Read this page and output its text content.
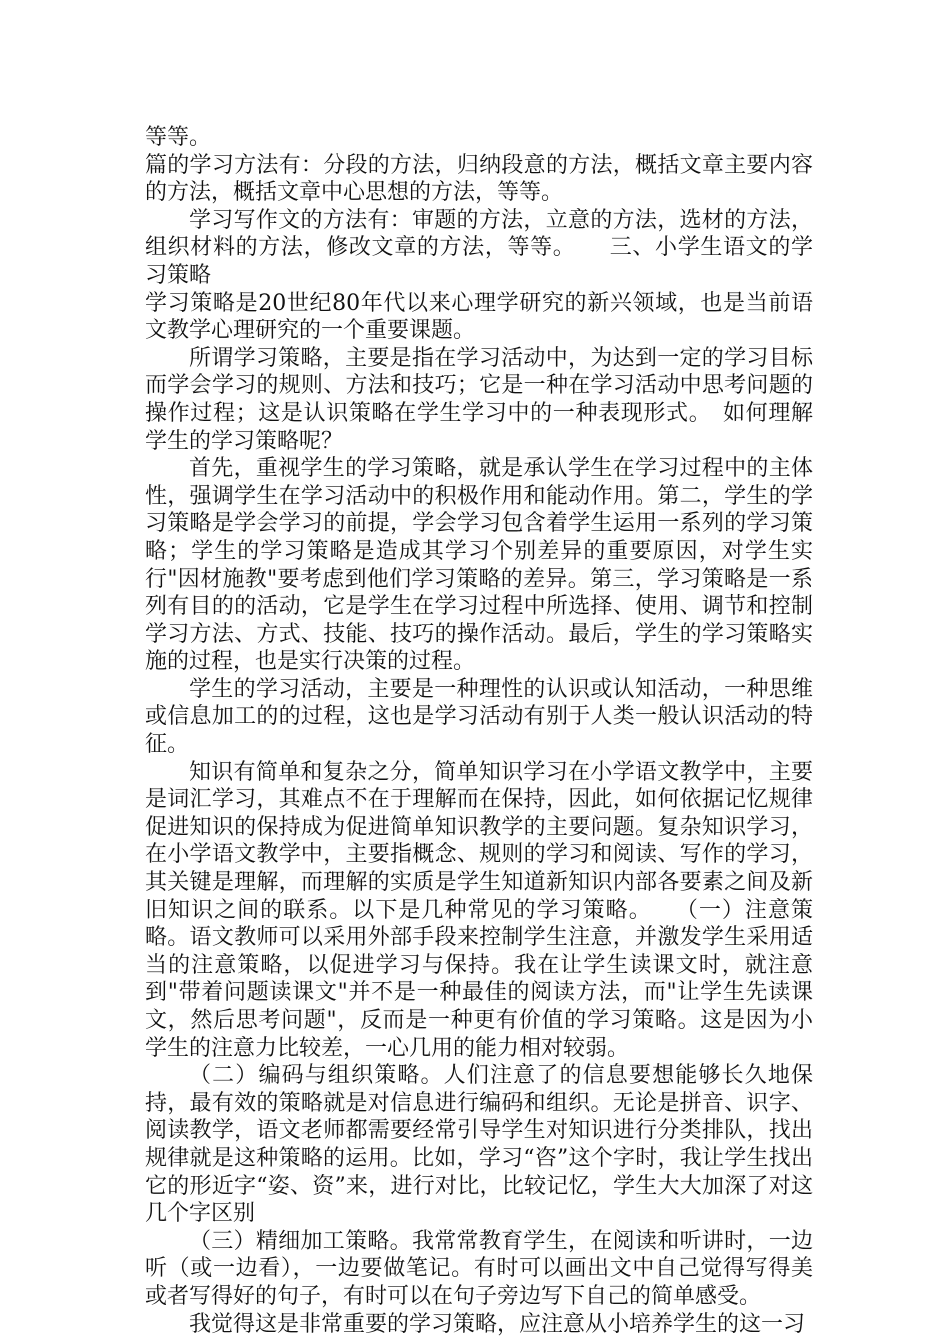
等等。

篇的学习方法有：分段的方法，归纳段意的方法，概括文章主要内容的方法，概括文章中心思想的方法，等等。

学习写作文的方法有：审题的方法，立意的方法，选材的方法，组织材料的方法，修改文章的方法，等等。　　三、小学生语文的学习策略

学习策略是20世纪80年代以来心理学研究的新兴领域，也是当前语文教学心理研究的一个重要课题。

所谓学习策略，主要是指在学习活动中，为达到一定的学习目标而学会学习的规则、方法和技巧；它是一种在学习活动中思考问题的操作过程；这是认识策略在学生学习中的一种表现形式。　如何理解学生的学习策略呢？

首先，重视学生的学习策略，就是承认学生在学习过程中的主体性，强调学生在学习活动中的积极作用和能动作用。第二，学生的学习策略是学会学习的前提，学会学习包含着学生运用一系列的学习策略；学生的学习策略是造成其学习个别差异的重要原因，对学生实行"因材施教"要考虑到他们学习策略的差异。第三，学习策略是一系列有目的的活动，它是学生在学习过程中所选择、使用、调节和控制学习方法、方式、技能、技巧的操作活动。最后，学生的学习策略实施的过程，也是实行决策的过程。

学生的学习活动，主要是一种理性的认识或认知活动，一种思维或信息加工的的过程，这也是学习活动有别于人类一般认识活动的特征。

知识有简单和复杂之分，简单知识学习在小学语文教学中，主要是词汇学习，其难点不在于理解而在保持，因此，如何依据记忆规律促进知识的保持成为促进简单知识教学的主要问题。复杂知识学习，在小学语文教学中，主要指概念、规则的学习和阅读、写作的学习，其关键是理解，而理解的实质是学生知道新知识内部各要素之间及新旧知识之间的联系。以下是几种常见的学习策略。　　（一）注意策略。语文教师可以采用外部手段来控制学生注意，并激发学生采用适当的注意策略，以促进学习与保持。我在让学生读课文时，就注意到"带着问题读课文"并不是一种最佳的阅读方法，而"让学生先读课文，然后思考问题"，反而是一种更有价值的学习策略。这是因为小学生的注意力比较差，一心几用的能力相对较弱。

（二）编码与组织策略。人们注意了的信息要想能够长久地保持，最有效的策略就是对信息进行编码和组织。无论是拼音、识字、阅读教学，语文老师都需要经常引导学生对知识进行分类排队，找出规律就是这种策略的运用。比如，学习“咨”这个字时，我让学生找出它的形近字“姿、资”来，进行对比，比较记忆，学生大大加深了对这几个字区别

（三）精细加工策略。我常常教育学生，在阅读和听讲时，一边听（或一边看），一边要做笔记。有时可以画出文中自己觉得写得美或者写得好的句子，有时可以在句子旁边写下自己的简单感受。

我觉得这是非常重要的学习策略，应注意从小培养学生的这一习
